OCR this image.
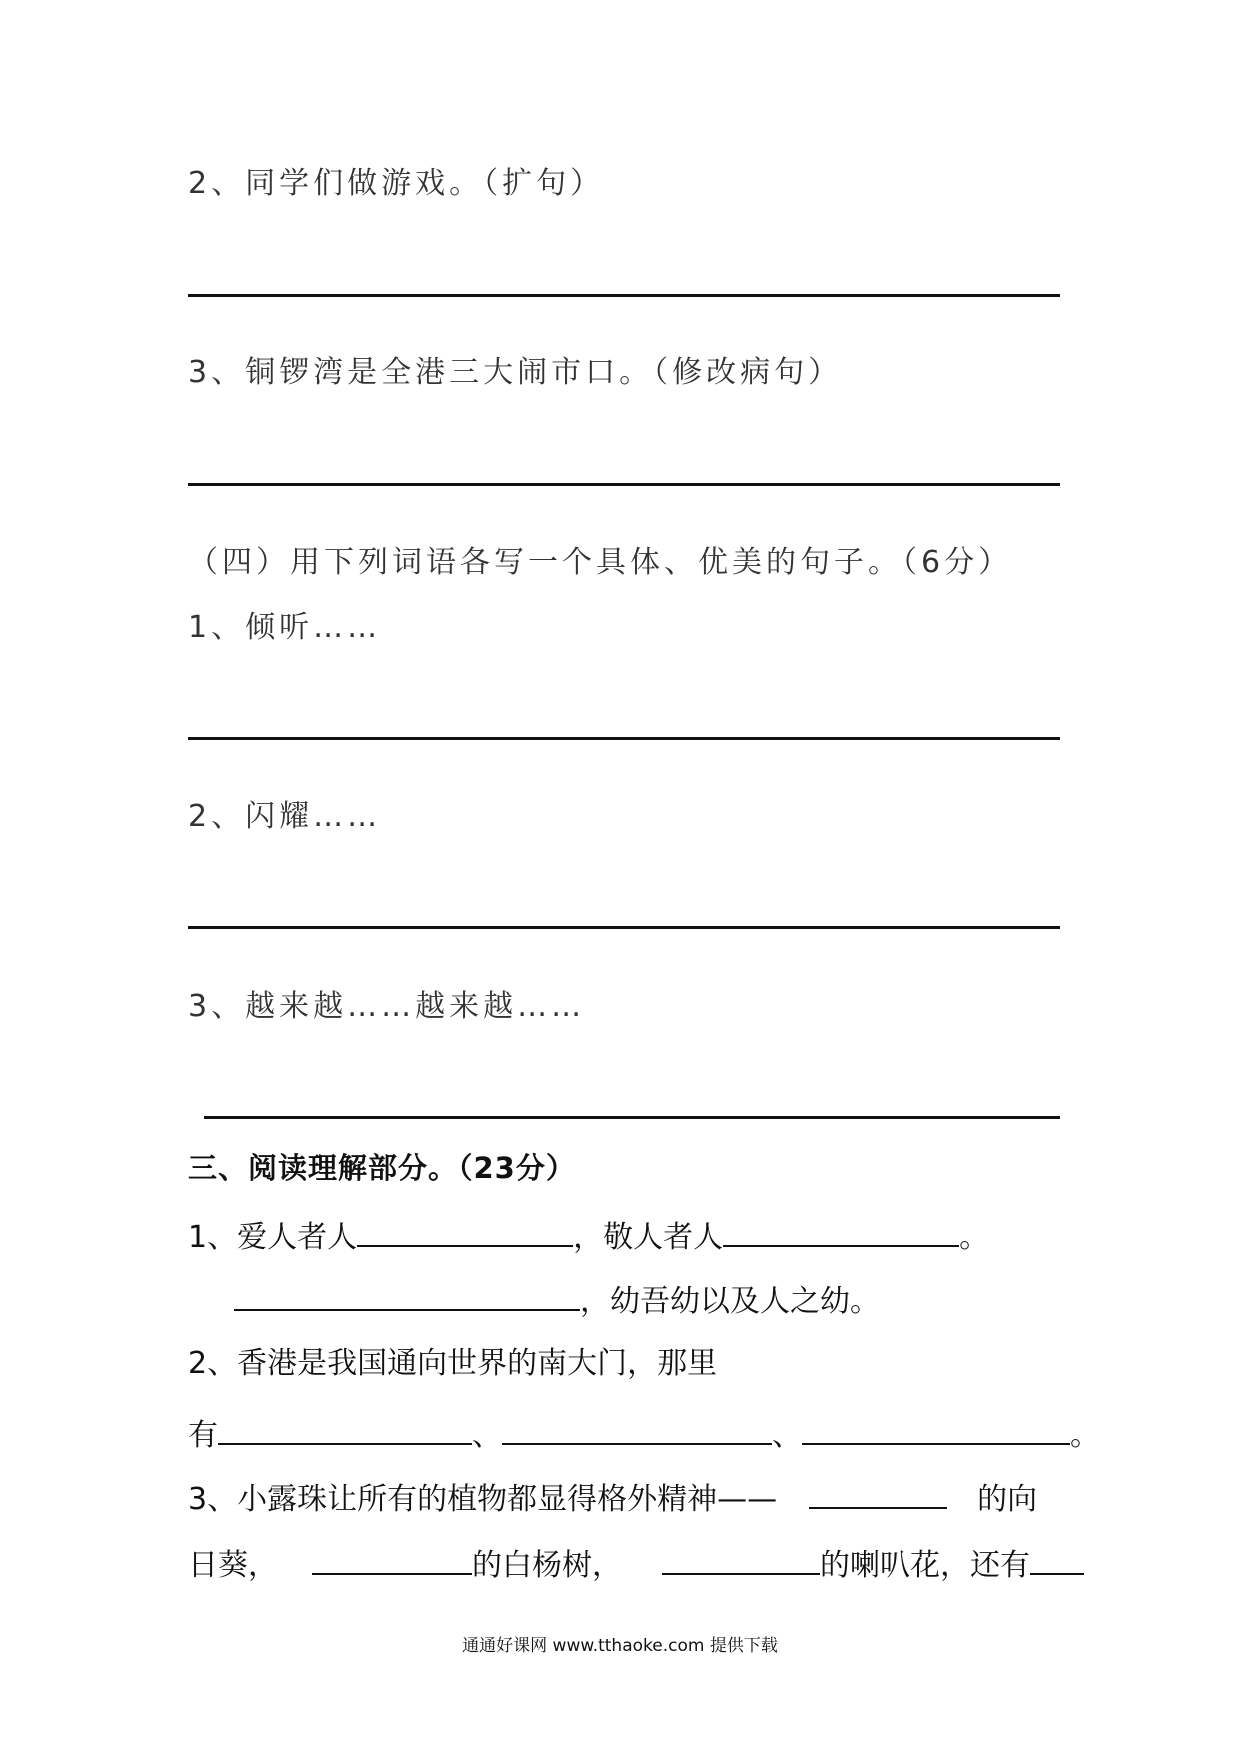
2、同学们做游戏。（扩句）
3、铜锣湾是全港三大闹市口。（修改病句）
（四）用下列词语各写一个具体、优美的句子。（6分）
1、倾听……
2、闪耀……
3、越来越……越来越……
三、阅读理解部分。（23分）
1、爱人者人	，敬人者人	。
，幼吾幼以及人之幼。
2、香港是我国通向世界的南大门，那里
有	、	、	。
3、小露珠让所有的植物都显得格外精神——	的向
日葵，	的白杨树，	的喇叭花，还有
通通好课网 www.tthaoke.com 提供下载
